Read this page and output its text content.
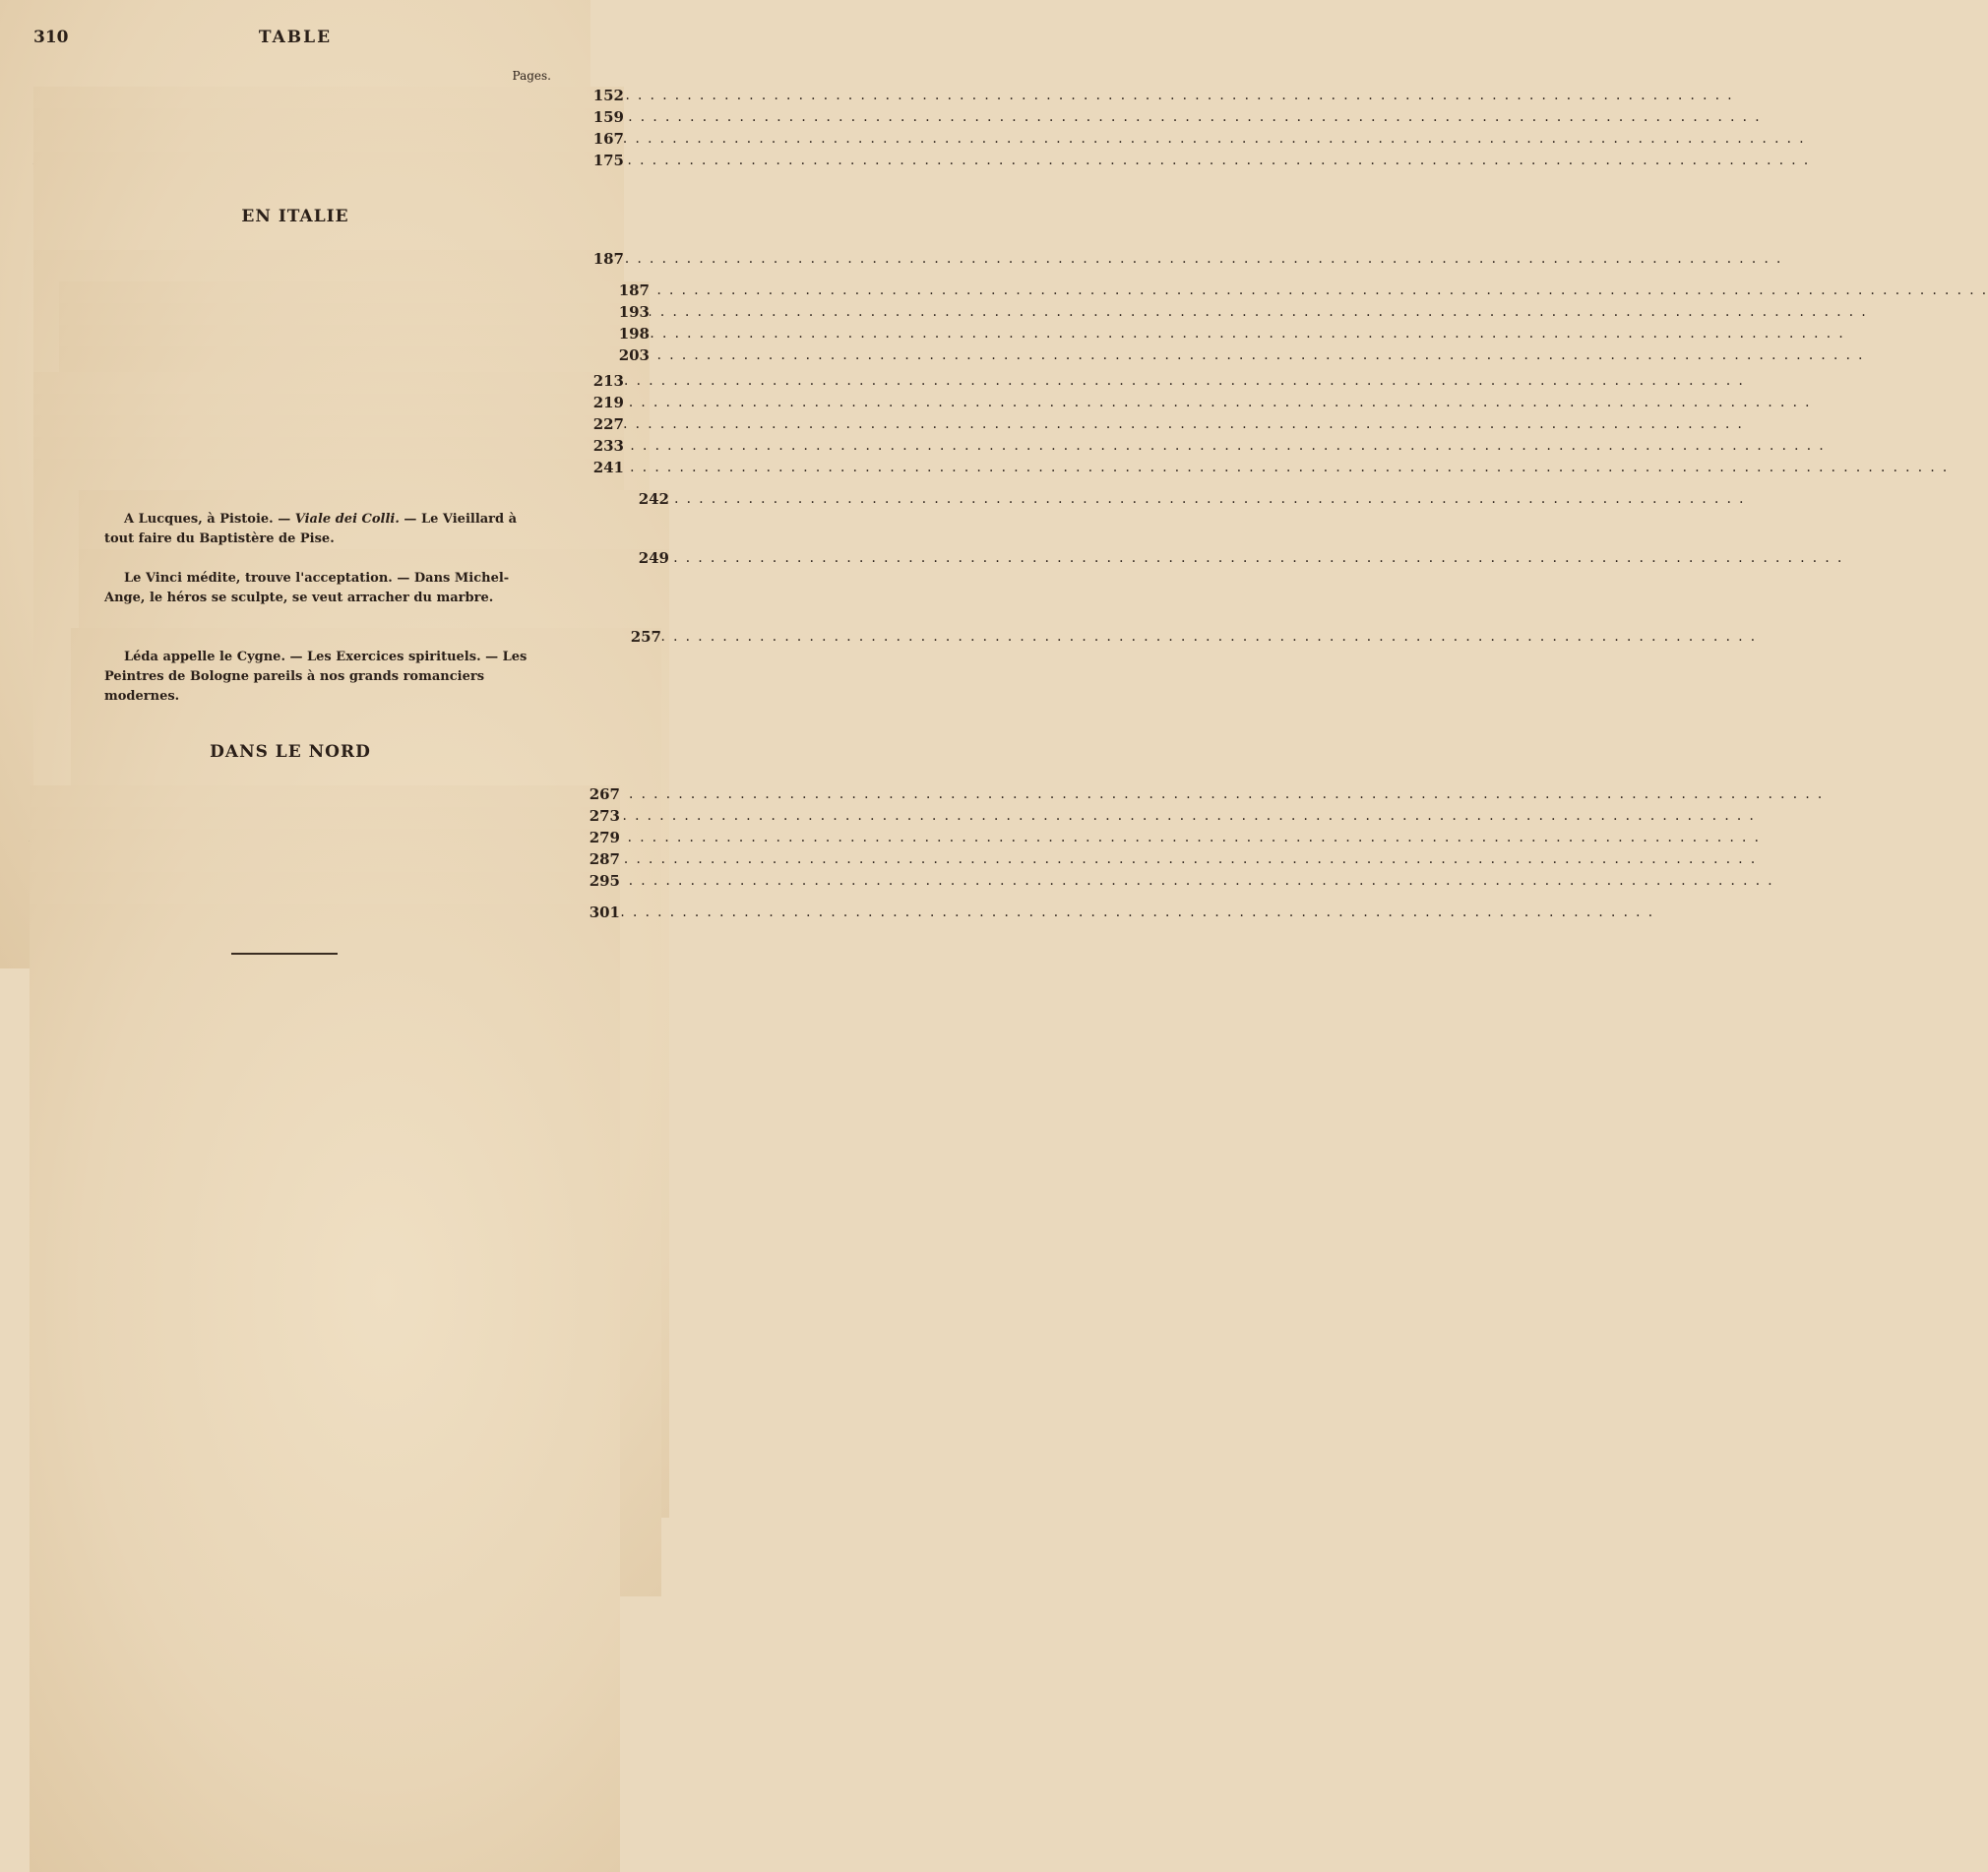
310	TABLE
Pages.
. . .
152
. . .
159
. . .
167
. . .
175
EN ITALIE
. . .
187
. . .
187
. . .
193
. . .
198
. . .
203
. . .
213
. . .
219
. . .
227
. . .
233
. . .
241
. . .
242
A Lucques, à Pistoie. — Viale dei Colli. — Le Vieillard à tout faire du Baptistère de Pise.
. . .
249
Le Vinci médite, trouve l'acceptation. — Dans Michel-Ange, le héros se sculpte, se veut arracher du marbre.
. . .
257
Léda appelle le Cygne. — Les Exercices spirituels. — Les Peintres de Bologne pareils à nos grands romanciers modernes.
DANS LE NORD
. . .
267
. . .
273
. . .
279
. . .
287
. . .
295
. . .
301
